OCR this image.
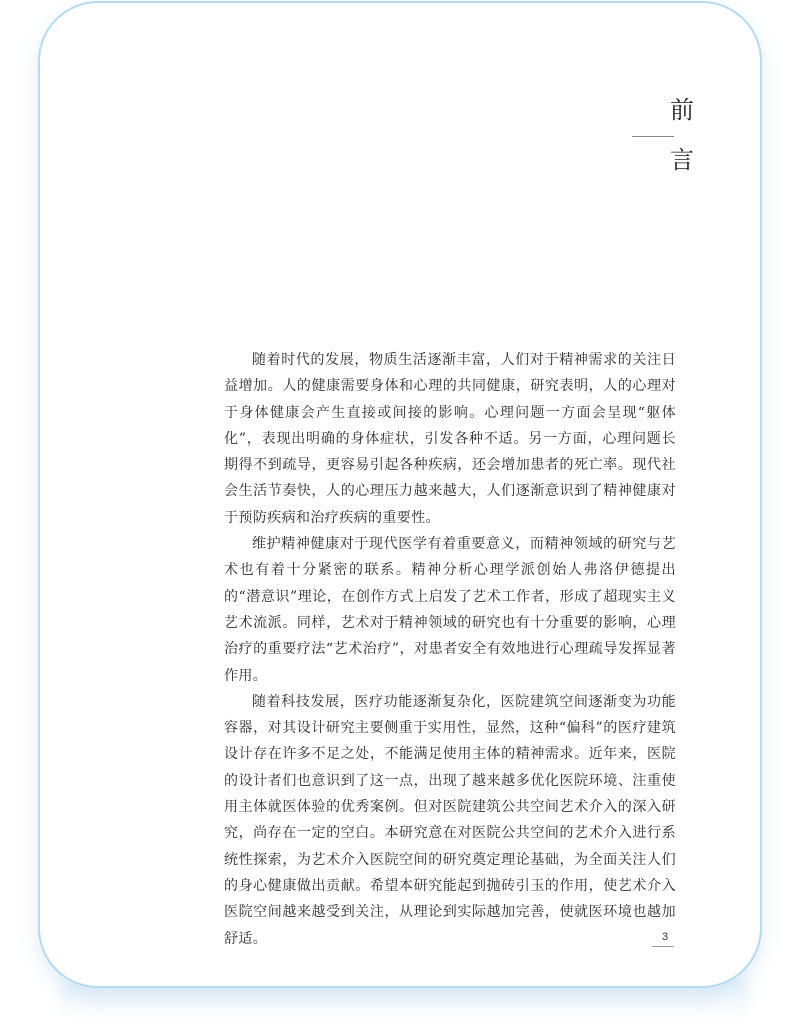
前
言

随着时代的发展，物质生活逐渐丰富，人们对于精神需求的关注日益增加。人的健康需要身体和心理的共同健康，研究表明，人的心理对于身体健康会产生直接或间接的影响。心理问题一方面会呈现“躯体化”，表现出明确的身体症状，引发各种不适。另一方面，心理问题长期得不到疏导，更容易引起各种疾病，还会增加患者的死亡率。现代社会生活节奏快，人的心理压力越来越大，人们逐渐意识到了精神健康对于预防疾病和治疗疾病的重要性。

维护精神健康对于现代医学有着重要意义，而精神领域的研究与艺术也有着十分紧密的联系。精神分析心理学派创始人弗洛伊德提出的“潜意识”理论，在创作方式上启发了艺术工作者，形成了超现实主义艺术流派。同样，艺术对于精神领域的研究也有十分重要的影响，心理治疗的重要疗法“艺术治疗”，对患者安全有效地进行心理疏导发挥显著作用。

随着科技发展，医疗功能逐渐复杂化，医院建筑空间逐渐变为功能容器，对其设计研究主要侧重于实用性，显然，这种“偏科”的医疗建筑设计存在许多不足之处，不能满足使用主体的精神需求。近年来，医院的设计者们也意识到了这一点，出现了越来越多优化医院环境、注重使用主体就医体验的优秀案例。但对医院建筑公共空间艺术介入的深入研究，尚存在一定的空白。本研究意在对医院公共空间的艺术介入进行系统性探索，为艺术介入医院空间的研究奠定理论基础，为全面关注人们的身心健康做出贡献。希望本研究能起到抛砖引玉的作用，使艺术介入医院空间越来越受到关注，从理论到实际越加完善，使就医环境也越加舒适。	3
